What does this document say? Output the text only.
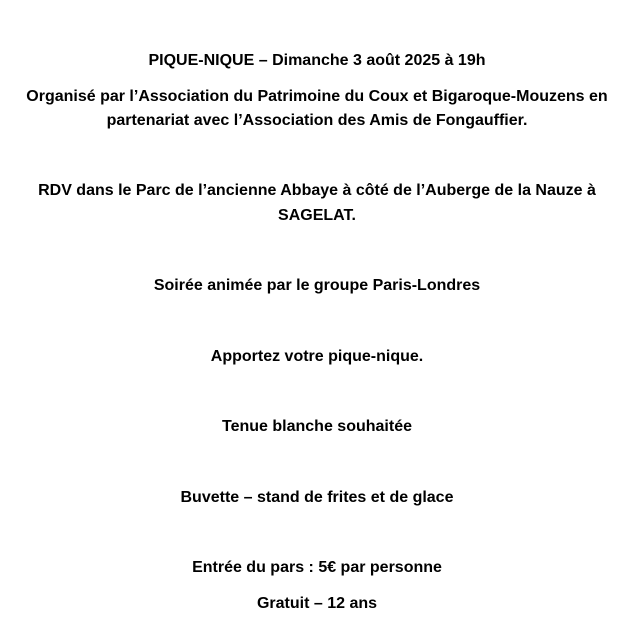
PIQUE-NIQUE – Dimanche 3 août 2025 à 19h
Organisé par l’Association du Patrimoine du Coux et Bigaroque-Mouzens en
partenariat avec l’Association des Amis de Fongauffier.
RDV dans le Parc de l’ancienne Abbaye à côté de l’Auberge de la Nauze à
SAGELAT.
Soirée animée par le groupe Paris-Londres
Apportez votre pique-nique.
Tenue blanche souhaitée
Buvette – stand de frites et de glace
Entrée du pars : 5€ par personne
Gratuit – 12 ans
